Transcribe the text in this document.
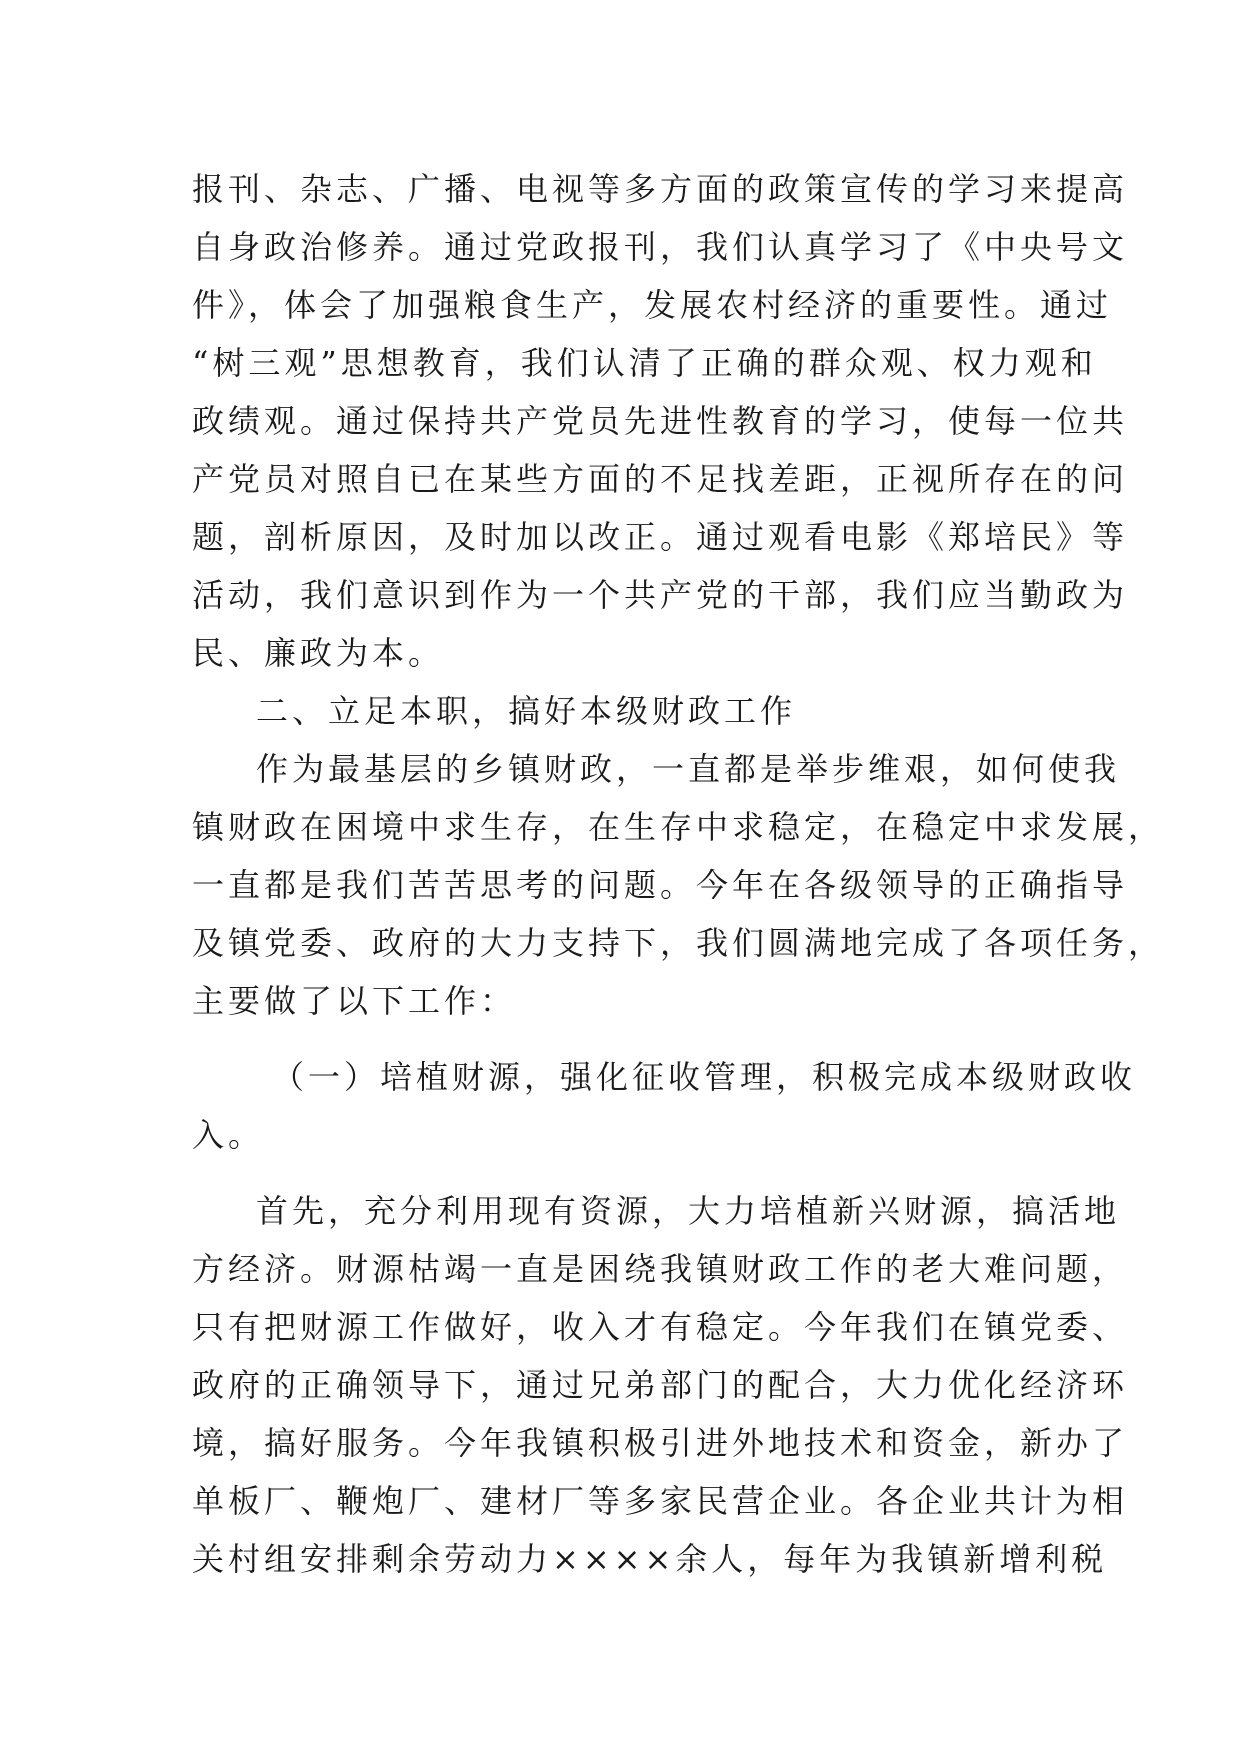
报刊、杂志、广播、电视等多方面的政策宣传的学习来提高
自身政治修养。通过党政报刊，我们认真学习了《中央号文
件》，体会了加强粮食生产，发展农村经济的重要性。通过
“树三观”思想教育，我们认清了正确的群众观、权力观和
政绩观。通过保持共产党员先进性教育的学习，使每一位共
产党员对照自已在某些方面的不足找差距，正视所存在的问
题，剖析原因，及时加以改正。通过观看电影《郑培民》等
活动，我们意识到作为一个共产党的干部，我们应当勤政为
民、廉政为本。
二、立足本职，搞好本级财政工作
作为最基层的乡镇财政，一直都是举步维艰，如何使我
镇财政在困境中求生存，在生存中求稳定，在稳定中求发展，
一直都是我们苦苦思考的问题。今年在各级领导的正确指导
及镇党委、政府的大力支持下，我们圆满地完成了各项任务，
主要做了以下工作：
（一）培植财源，强化征收管理，积极完成本级财政收
入。
首先，充分利用现有资源，大力培植新兴财源，搞活地
方经济。财源枯竭一直是困绕我镇财政工作的老大难问题，
只有把财源工作做好，收入才有稳定。今年我们在镇党委、
政府的正确领导下，通过兄弟部门的配合，大力优化经济环
境，搞好服务。今年我镇积极引进外地技术和资金，新办了
单板厂、鞭炮厂、建材厂等多家民营企业。各企业共计为相
关村组安排剩余劳动力××××余人，每年为我镇新增利税
